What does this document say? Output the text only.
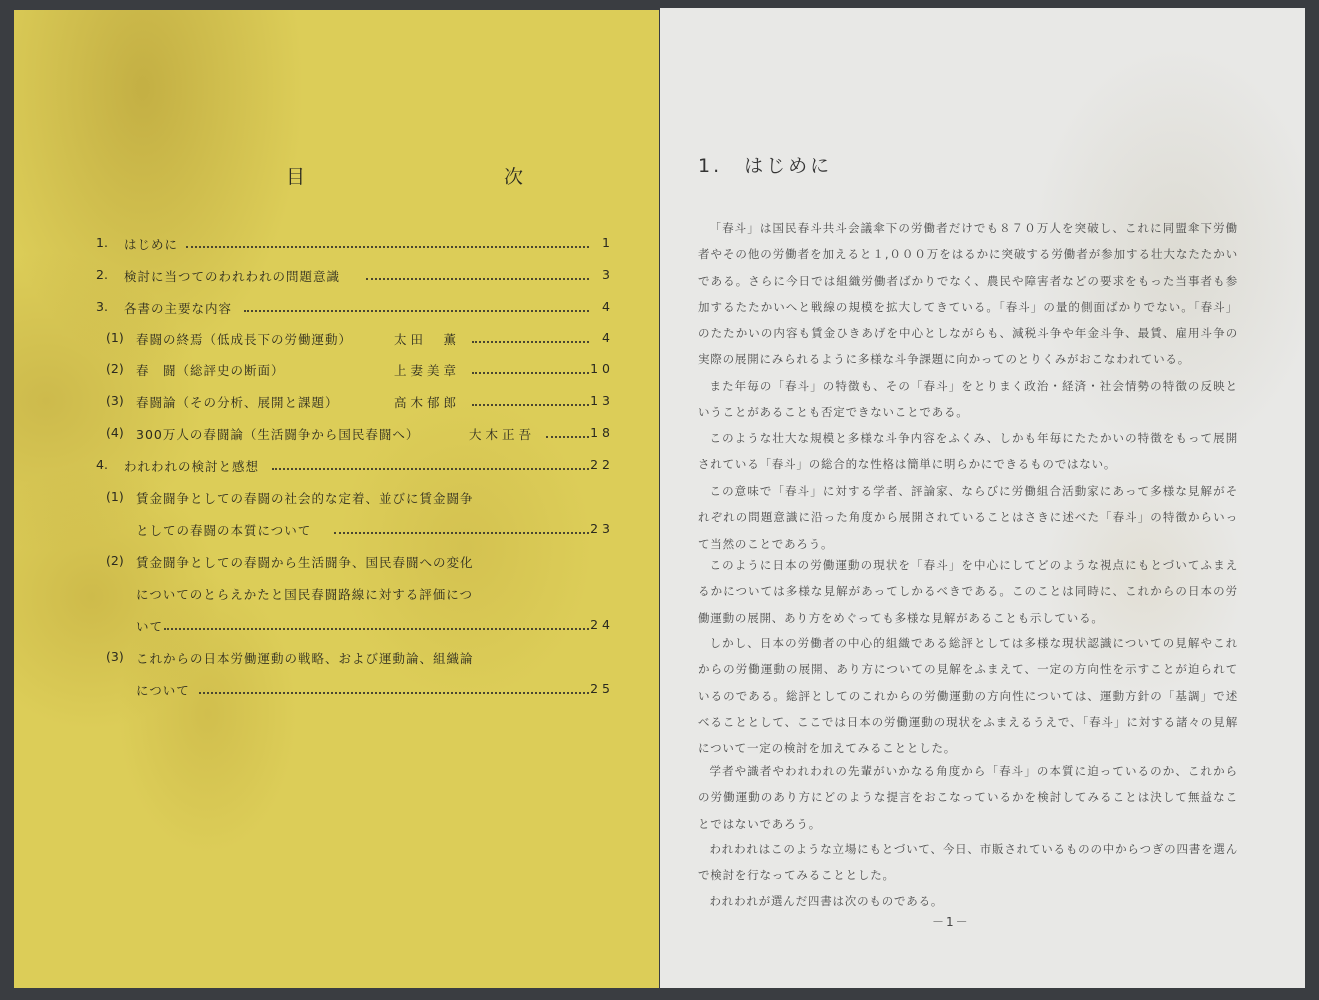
目　次
1. はじめに	1
2. 検討に当つてのわれわれの問題意識	3
3. 各書の主要な内容	4
(1) 春闘の終焉（低成長下の労働運動）	太田　薫	4
(2) 春　闘（総評史の断面）	上妻美章	10
(3) 春闘論（その分析、展開と課題）	高木郁郎	13
(4) 300万人の春闘論（生活闘争から国民春闘へ）	大木正吾	18
4. われわれの検討と感想	22
(1) 賃金闘争としての春闘の社会的な定着、並びに賃金闘争
としての春闘の本質について	23
(2) 賃金闘争としての春闘から生活闘争、国民春闘への変化
についてのとらえかたと国民春闘路線に対する評価につ
いて	24
(3) これからの日本労働運動の戦略、および運動論、組織論
について	25
1.　はじめに
「春斗」は国民春斗共斗会議傘下の労働者だけでも８７０万人を突破し、これに同盟傘下労働者やその他の労働者を加えると１,０００万をはるかに突破する労働者が参加する壮大なたたかいである。さらに今日では組織労働者ばかりでなく、農民や障害者などの要求をもった当事者も参加するたたかいへと戦線の規模を拡大してきている。「春斗」の量的側面ばかりでない。「春斗」のたたかいの内容も賃金ひきあげを中心としながらも、減税斗争や年金斗争、最賃、雇用斗争の実際の展開にみられるように多様な斗争課題に向かってのとりくみがおこなわれている。
また年毎の「春斗」の特徴も、その「春斗」をとりまく政治・経済・社会情勢の特徴の反映ということがあることも否定できないことである。
このような壮大な規模と多様な斗争内容をふくみ、しかも年毎にたたかいの特徴をもって展開されている「春斗」の総合的な性格は簡単に明らかにできるものではない。
この意味で「春斗」に対する学者、評論家、ならびに労働組合活動家にあって多様な見解がそれぞれの問題意識に沿った角度から展開されていることはさきに述べた「春斗」の特徴からいって当然のことであろう。
このように日本の労働運動の現状を「春斗」を中心にしてどのような視点にもとづいてふまえるかについては多様な見解があってしかるべきである。このことは同時に、これからの日本の労働運動の展開、あり方をめぐっても多様な見解があることも示している。
しかし、日本の労働者の中心的組織である総評としては多様な現状認識についての見解やこれからの労働運動の展開、あり方についての見解をふまえて、一定の方向性を示すことが迫られているのである。総評としてのこれからの労働運動の方向性については、運動方針の「基調」で述べることとして、ここでは日本の労働運動の現状をふまえるうえで、「春斗」に対する諸々の見解について一定の検討を加えてみることとした。
学者や識者やわれわれの先輩がいかなる角度から「春斗」の本質に迫っているのか、これからの労働運動のあり方にどのような提言をおこなっているかを検討してみることは決して無益なことではないであろう。
われわれはこのような立場にもとづいて、今日、市販されているものの中からつぎの四書を選んで検討を行なってみることとした。
われわれが選んだ四書は次のものである。
－1－
